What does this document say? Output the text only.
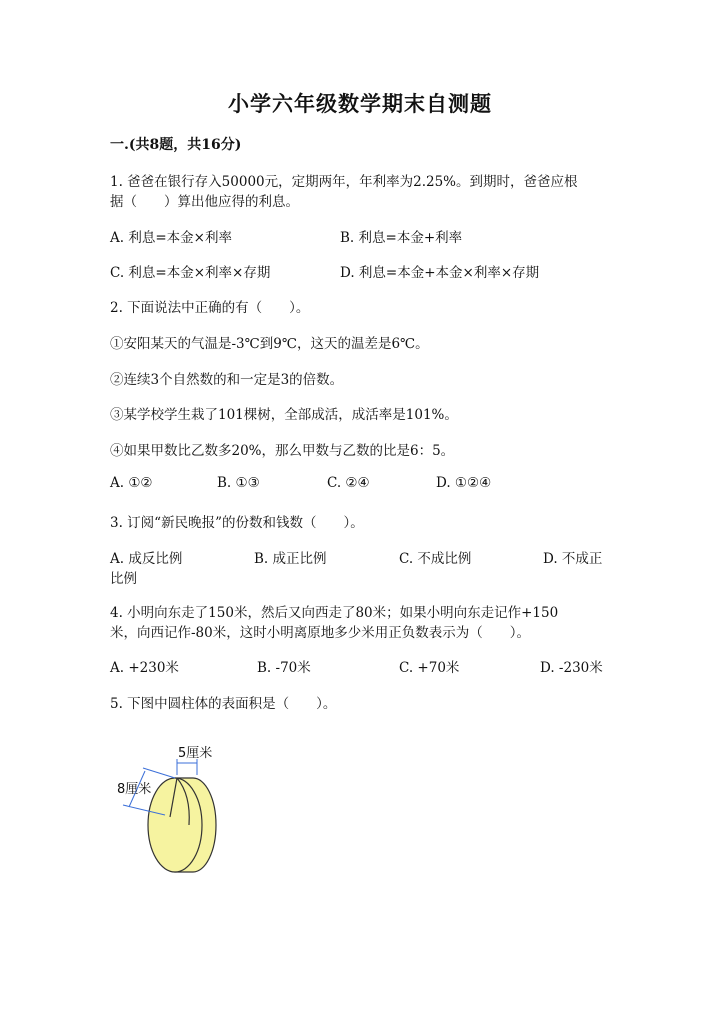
小学六年级数学期末自测题
一.(共8题，共16分)
1. 爸爸在银行存入50000元，定期两年，年利率为2.25%。到期时，爸爸应根
据（　　）算出他应得的利息。
A. 利息=本金×利率	B. 利息=本金+利率
C. 利息=本金×利率×存期	D. 利息=本金+本金×利率×存期
2. 下面说法中正确的有（　　）。
①安阳某天的气温是-3℃到9℃，这天的温差是6℃。
②连续3个自然数的和一定是3的倍数。
③某学校学生栽了101棵树，全部成活，成活率是101%。
④如果甲数比乙数多20%，那么甲数与乙数的比是6：5。
A. ①②	B. ①③	C. ②④	D. ①②④
3. 订阅“新民晚报”的份数和钱数（　　）。
A. 成反比例	B. 成正比例	C. 不成比例	D. 不成正
比例
4. 小明向东走了150米，然后又向西走了80米；如果小明向东走记作+150
米，向西记作-80米，这时小明离原地多少米用正负数表示为（　　）。
A. +230米	B. -70米	C. +70米	D. -230米
5. 下图中圆柱体的表面积是（　　）。
5厘米
8厘米
